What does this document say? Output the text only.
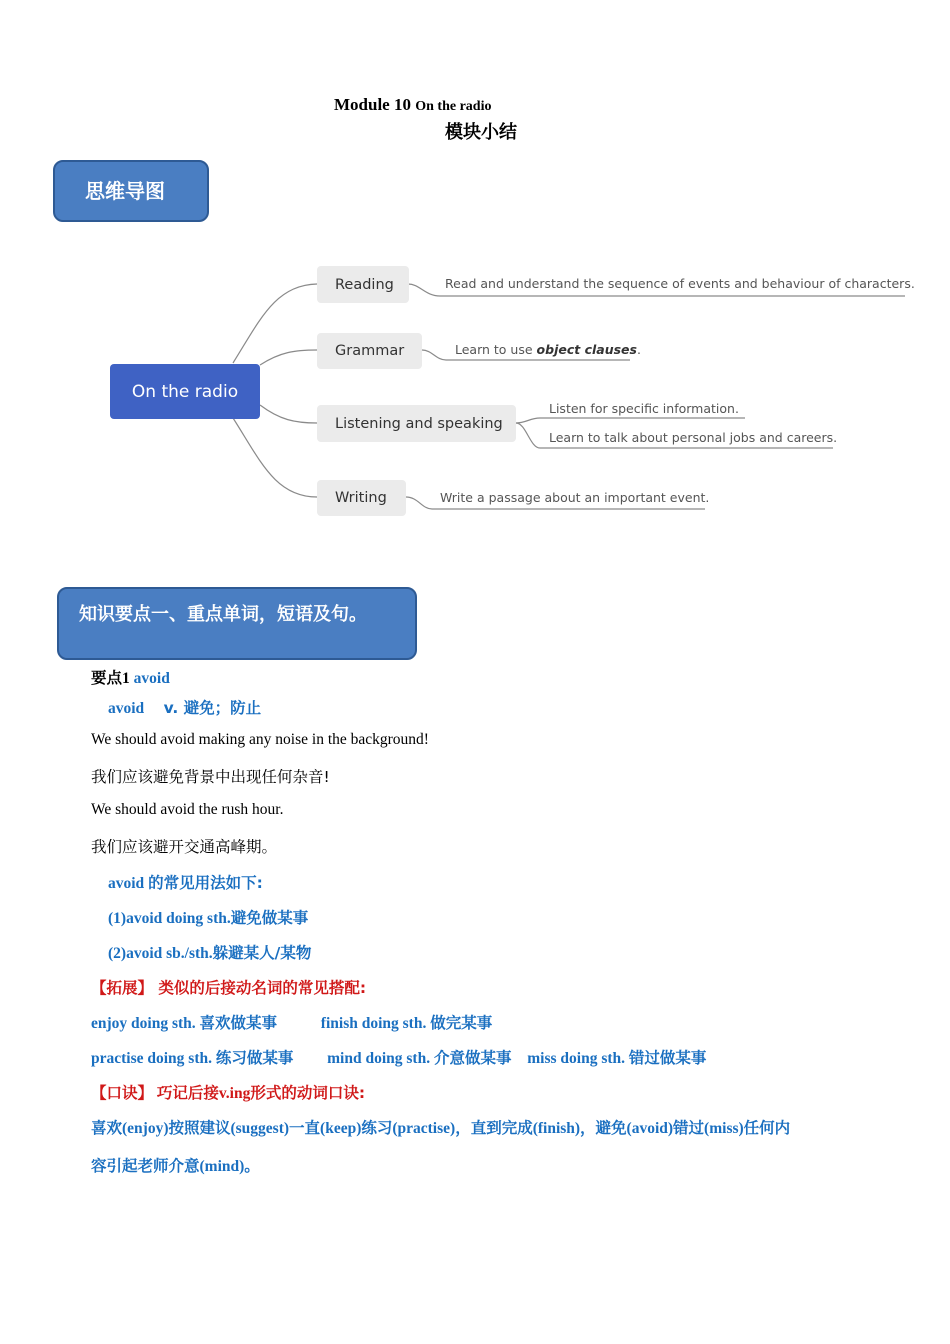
Module 10 On the radio
模块小结
思维导图
On the radio
Reading
Grammar
Listening and speaking
Writing
Read and understand the sequence of events and behaviour of characters.
Learn to use object clauses.
Listen for specific information.
Learn to talk about personal jobs and careers.
Write a passage about an important event.
知识要点一、重点单词，短语及句。
要点1 avoid
avoid v. 避免；防止
We should avoid making any noise in the background!
我们应该避免背景中出现任何杂音!
We should avoid the rush hour.
我们应该避开交通高峰期。
avoid 的常见用法如下:
(1)avoid doing sth.避免做某事
(2)avoid sb./sth.躲避某人/某物
【拓展】 类似的后接动名词的常见搭配:
enjoy doing sth. 喜欢做某事	finish doing sth. 做完某事
practise doing sth. 练习做某事 mind doing sth. 介意做某事 miss doing sth. 错过做某事
【口诀】 巧记后接v.ing形式的动词口诀:
喜欢(enjoy)按照建议(suggest)一直(keep)练习(practise)，直到完成(finish)，避免(avoid)错过(miss)任何内
容引起老师介意(mind)。
